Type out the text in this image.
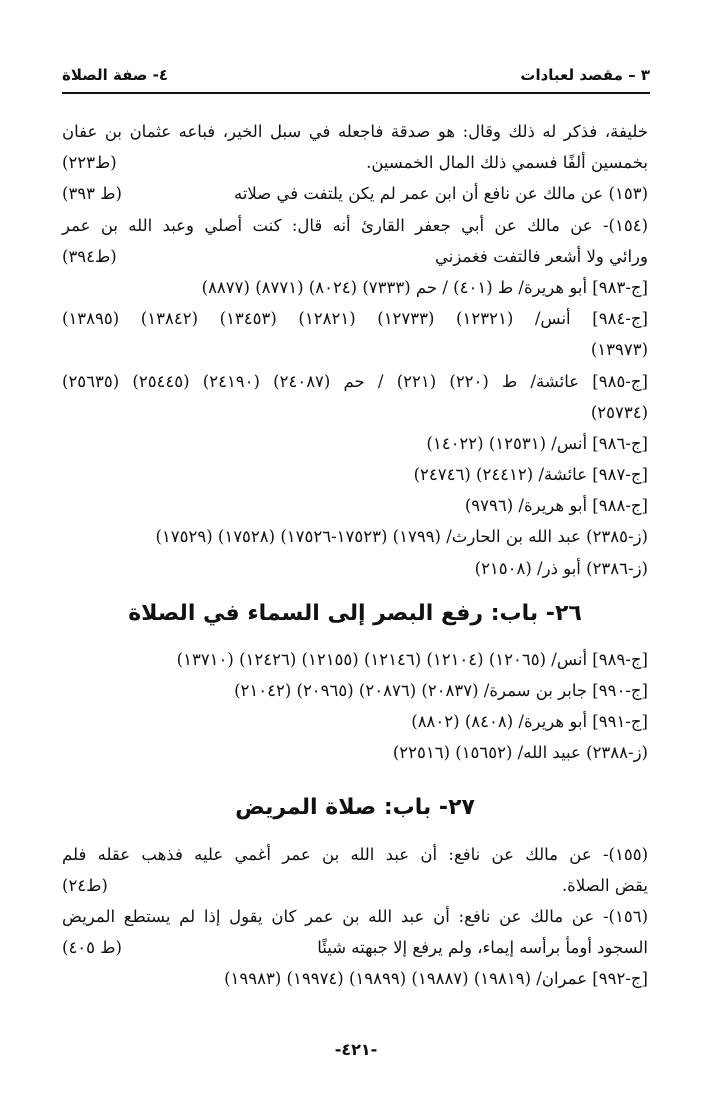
٣ – مقصد لعبادات
٤- صفة الصلاة
خليفة، فذكر له ذلك وقال: هو صدقة فاجعله في سبل الخير، فباعه عثمان بن عفان
بخمسين ألفًا فسمي ذلك المال الخمسين.
(ط٢٢٣)
(١٥٣) عن مالك عن نافع أن ابن عمر لم يكن يلتفت في صلاته
(ط ٣٩٣)
(١٥٤)- عن مالك عن أبي جعفر القارئ أنه قال: كنت أصلي وعبد الله بن عمر
ورائي ولا أشعر فالتفت فغمزني
(ط٣٩٤)
[ج-٩٨٣] أبو هريرة/ ط (٤٠١) / حم (٧٣٣٣) (٨٠٢٤) (٨٧٧١) (٨٨٧٧)
[ج-٩٨٤] أنس/ (١٢٣٢١) (١٢٧٣٣) (١٢٨٢١) (١٣٤٥٣) (١٣٨٤٢) (١٣٨٩٥)
(١٣٩٧٣)
[ج-٩٨٥] عائشة/ ط (٢٢٠) (٢٢١) / حم (٢٤٠٨٧) (٢٤١٩٠) (٢٥٤٤٥) (٢٥٦٣٥)
(٢٥٧٣٤)
[ج-٩٨٦] أنس/ (١٢٥٣١) (١٤٠٢٢)
[ج-٩٨٧] عائشة/ (٢٤٤١٢) (٢٤٧٤٦)
[ج-٩٨٨] أبو هريرة/ (٩٧٩٦)
(ز-٢٣٨٥) عبد الله بن الحارث/ (١٧٩٩) (١٧٥٢٣-١٧٥٢٦) (١٧٥٢٨) (١٧٥٢٩)
(ز-٢٣٨٦) أبو ذر/ (٢١٥٠٨)
٢٦- باب: رفع البصر إلى السماء في الصلاة
[ج-٩٨٩] أنس/ (١٢٠٦٥) (١٢١٠٤) (١٢١٤٦) (١٢١٥٥) (١٢٤٢٦) (١٣٧١٠)
[ج-٩٩٠] جابر بن سمرة/ (٢٠٨٣٧) (٢٠٨٧٦) (٢٠٩٦٥) (٢١٠٤٢)
[ج-٩٩١] أبو هريرة/ (٨٤٠٨) (٨٨٠٢)
(ز-٢٣٨٨) عبيد الله/ (١٥٦٥٢) (٢٢٥١٦)
٢٧- باب: صلاة المريض
(١٥٥)- عن مالك عن نافع: أن عبد الله بن عمر أغمي عليه فذهب عقله فلم
يقض الصلاة.
(ط٢٤)
(١٥٦)- عن مالك عن نافع: أن عبد الله بن عمر كان يقول إذا لم يستطع المريض
السجود أومأ برأسه إيماء، ولم يرفع إلا جبهته شيئًا
(ط ٤٠٥)
[ج-٩٩٢] عمران/ (١٩٨١٩) (١٩٨٨٧) (١٩٨٩٩) (١٩٩٧٤) (١٩٩٨٣)
-٤٢١-
